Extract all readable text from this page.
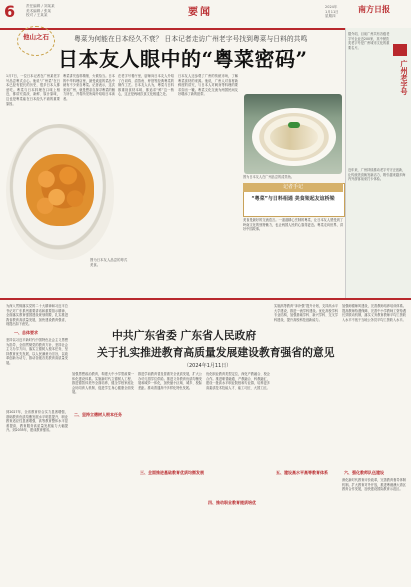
6	责任编辑 / 刘某某
美术编辑 / 张某
校对 / 王某某	要闻	2024年
1月11日
星期四
南方日报
粤菜为何能在日本经久不衰？ 日本记者走访广州老字号找到粤菜与日料的共鸣
他山之石
日本友人眼中的“粤菜密码”
1月7日，一位日本记者在广州某老字号品尝粤式点心。他说“广州菜”在日本已经有很长的历史，很多日本人都爱吃。粤菜与日本料理在口味上相近，都讲究清淡、新鲜、原汁原味，这也是粤菜能在日本经久不衰的重要原因。
粤菜讲究选料精细、火候恰当。日本的中华料理店里，最受欢迎的菜品中就有不少来自粤菜。记者表示，这次来到广州，就是想亲自探寻粤菜的魅力所在，并将所见所闻介绍给日本读者。
在老字号餐厅里，厨师向日本友人介绍了白切鸡、清蒸鱼、虾饺等经典粤菜的制作工艺。日本友人认为，粤菜与日料都重视食材本味，都追求“鲜”这一核心，这正是两地饮食文化相通之处。
日本友人还参观了广州的传统市场，了解粤菜食材的来源。他说，广州人对食材新鲜度的讲究，与日本人对刺身等料理的要求如出一辙。粤菜文化交流为两国民间友好增添了新的纽带。
图为日本友人品尝的粤式美食。
图为日本友人在广州品尝的清蒸鱼。
记者手记
“粤菜”与日料相通 美食架起友谊桥梁
美食是最好的交流语言。一道道精心烹制的粤菜，让日本友人感受到了岭南文化的独特魅力，也让两国人民的心靠得更近。粤菜走向世界，讲好中国故事。
广州老字号
据介绍，目前广州共有各级老字号企业近200家，其中餐饮类老字号是广州城市文化的重要名片。
近年来，广州持续推动老字号守正创新，让传统美食焕发新活力，吸引越来越多海内外游客前来打卡体验。
为深入贯彻落实党的二十大精神和习近平总书记对广东系列重要讲话和重要指示精神，全面落实教育强国建设规划纲要，扎实推进我省教育高质量发展，加快建设教育强省，现提出如下意见。
一、总体要求
坚持以习近平新时代中国特色社会主义思想为指导，全面贯彻党的教育方针，坚持社会主义办学方向，落实立德树人根本任务，坚持教育优先发展，以人民满意为宗旨，以改革创新为动力，推动各级各类教育高质量发展。
到2027年，全省教育综合实力显著增强，基础教育优质均衡发展水平明显提升，职业教育适应性显著增强，高等教育整体水平显著提高，教育服务高质量发展能力大幅提升。到2035年，建成教育强省。
中共广东省委 广东省人民政府
关于扎实推进教育高质量发展建设教育强省的意见
（2024年1月11日）
加强思想政治教育，构建大中小学思政课一体化建设体系。实施新时代立德树人工程，推进德智体美劳全面培养，健全学校家庭社会协同育人机制，促进学生身心健康全面发展。
二、坚持立德树人根本任务
推进学前教育普及普惠安全优质发展，扩大公办幼儿园学位供给。推进义务教育优质均衡发展和城乡一体化，加快缩小区域、城乡、校际差距。推动普通高中多样化特色发展。
三、全面推进基础教育优质均衡发展
优化职业教育类型定位，深化产教融合、校企合作。推进职普融通、产教融合、科教融汇，建设一批高水平职业院校和专业群，培养更多高素质技术技能人才、能工巧匠、大国工匠。
四、推动职业教育提质培优
实施高等教育“冲补强”提升计划，支持高水平大学建设，推进一流学科建设。优化高校学科专业结构，加强基础学科、新兴学科、交叉学科建设，提升高校科技创新能力。
五、建设高水平高等教育体系
加强师德师风建设，完善教师培养培训体系。提高教师待遇保障，完善中小学教师工资待遇长效联动机制，落实义务教育教师平均工资收入水平不低于当地公务员平均工资收入水平。
六、强化教师队伍建设
深化新时代教育评价改革，完善教育督导体制机制。扩大教育对外开放，推进粤港澳大湾区教育合作发展，加快建设国际教育示范区。
